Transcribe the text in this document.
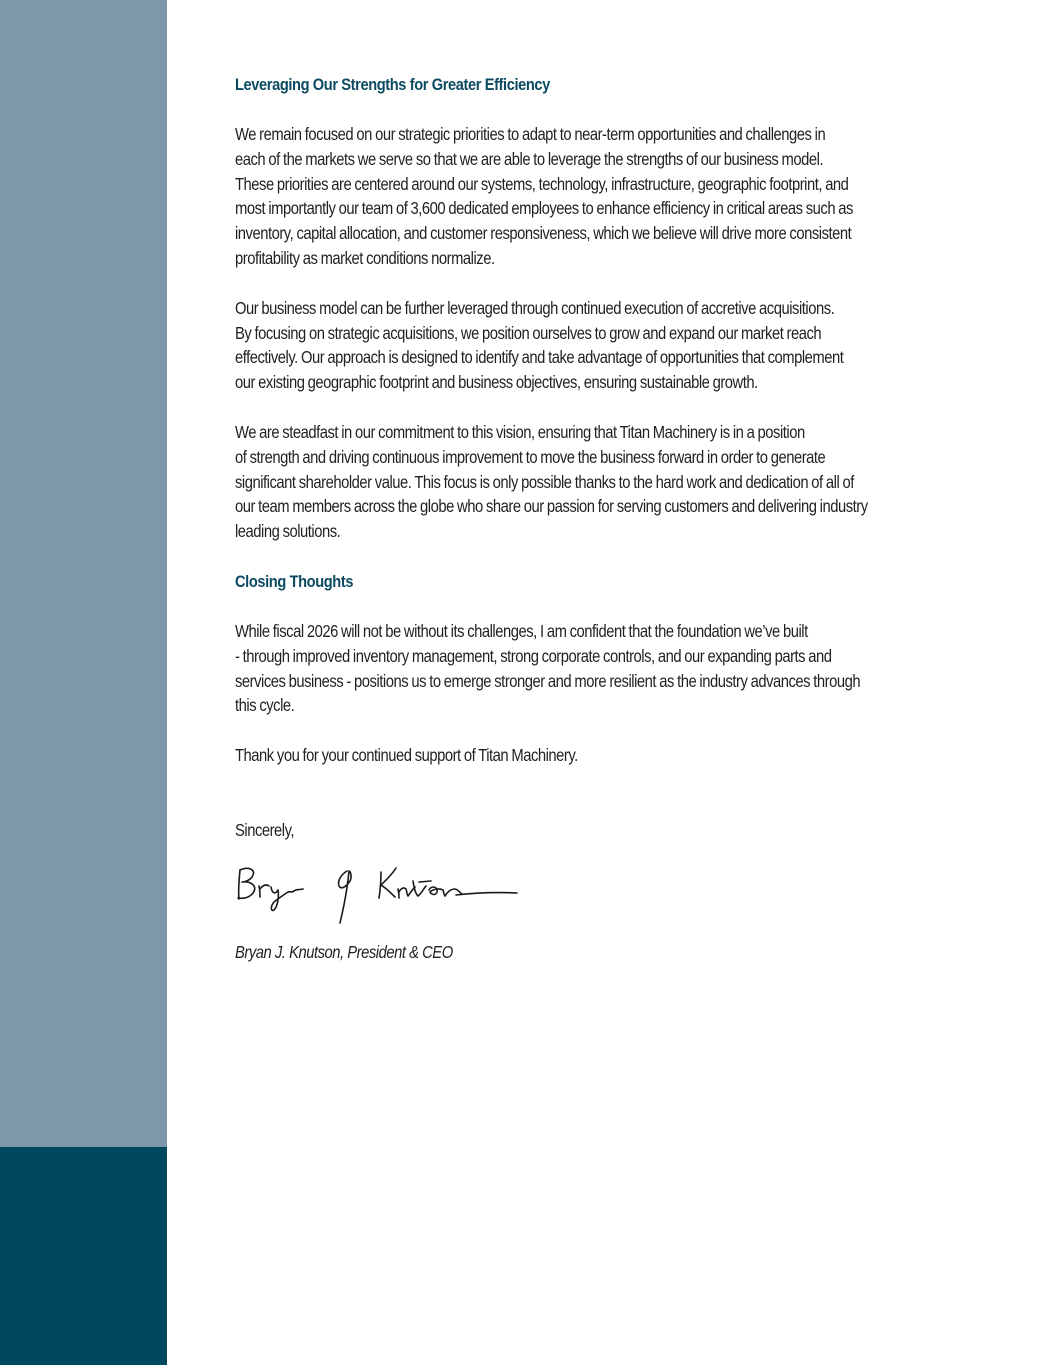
Leveraging Our Strengths for Greater Efficiency

We remain focused on our strategic priorities to adapt to near-term opportunities and challenges in
each of the markets we serve so that we are able to leverage the strengths of our business model.
These priorities are centered around our systems, technology, infrastructure, geographic footprint, and
most importantly our team of 3,600 dedicated employees to enhance efficiency in critical areas such as
inventory, capital allocation, and customer responsiveness, which we believe will drive more consistent
profitability as market conditions normalize.

Our business model can be further leveraged through continued execution of accretive acquisitions.
By focusing on strategic acquisitions, we position ourselves to grow and expand our market reach
effectively. Our approach is designed to identify and take advantage of opportunities that complement
our existing geographic footprint and business objectives, ensuring sustainable growth.

We are steadfast in our commitment to this vision, ensuring that Titan Machinery is in a position
of strength and driving continuous improvement to move the business forward in order to generate
significant shareholder value. This focus is only possible thanks to the hard work and dedication of all of
our team members across the globe who share our passion for serving customers and delivering industry
leading solutions.

Closing Thoughts

While fiscal 2026 will not be without its challenges, I am confident that the foundation we’ve built
- through improved inventory management, strong corporate controls, and our expanding parts and
services business - positions us to emerge stronger and more resilient as the industry advances through
this cycle.

Thank you for your continued support of Titan Machinery.

Sincerely,

Bryan J. Knutson, President & CEO
